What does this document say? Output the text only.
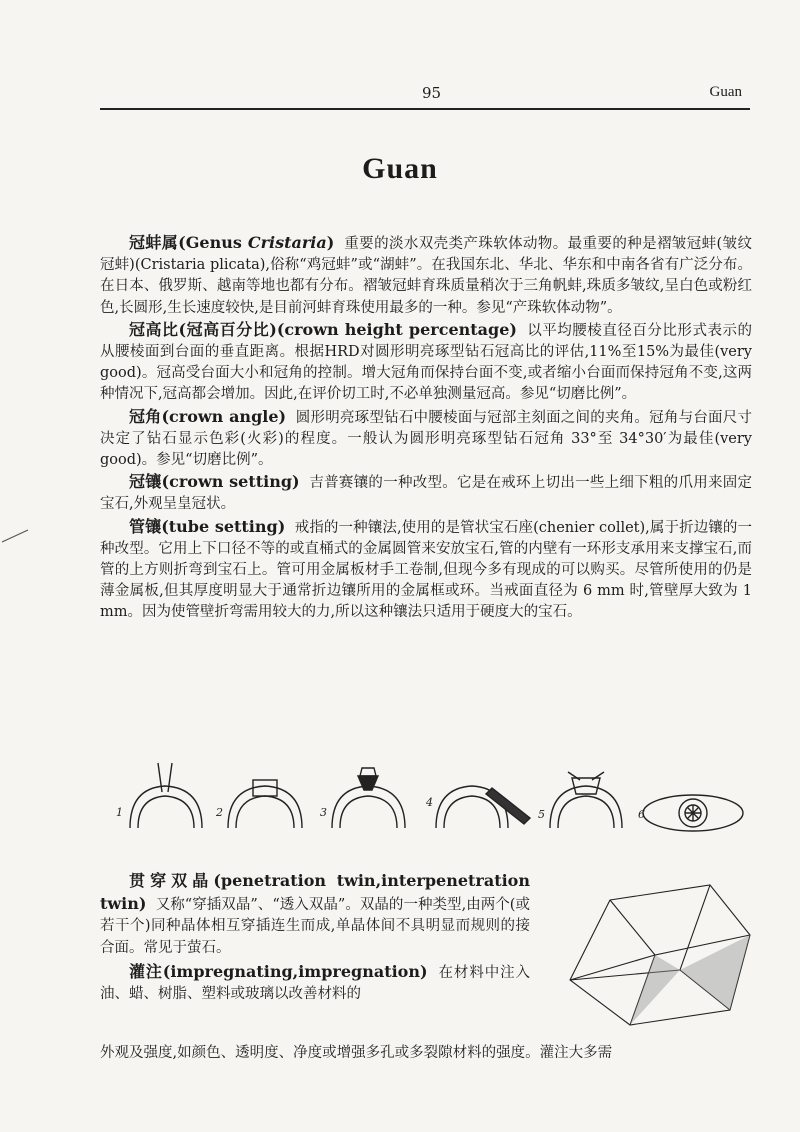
95	Guan
Guan

冠蚌属(Genus Cristaria) 重要的淡水双壳类产珠软体动物。最重要的种是褶皱冠蚌(皱纹冠蚌)(Cristaria plicata),俗称“鸡冠蚌”或“湖蚌”。在我国东北、华北、华东和中南各省有广泛分布。在日本、俄罗斯、越南等地也都有分布。褶皱冠蚌育珠质量稍次于三角帆蚌,珠质多皱纹,呈白色或粉红色,长圆形,生长速度较快,是目前河蚌育珠使用最多的一种。参见“产珠软体动物”。

冠高比(冠高百分比)(crown height percentage) 以平均腰棱直径百分比形式表示的从腰棱面到台面的垂直距离。根据HRD对圆形明亮琢型钻石冠高比的评估,11%至15%为最佳(very good)。冠高受台面大小和冠角的控制。增大冠角而保持台面不变,或者缩小台面而保持冠角不变,这两种情况下,冠高都会增加。因此,在评价切工时,不必单独测量冠高。参见“切磨比例”。

冠角(crown angle) 圆形明亮琢型钻石中腰棱面与冠部主刻面之间的夹角。冠角与台面尺寸决定了钻石显示色彩(火彩)的程度。一般认为圆形明亮琢型钻石冠角 33°至 34°30′为最佳(very good)。参见“切磨比例”。

冠镶(crown setting) 吉普赛镶的一种改型。它是在戒环上切出一些上细下粗的爪用来固定宝石,外观呈皇冠状。

管镶(tube setting) 戒指的一种镶法,使用的是管状宝石座(chenier collet),属于折边镶的一种改型。它用上下口径不等的或直桶式的金属圆管来安放宝石,管的内壁有一环形支承用来支撑宝石,而管的上方则折弯到宝石上。管可用金属板材手工卷制,但现今多有现成的可以购买。尽管所使用的仍是薄金属板,但其厚度明显大于通常折边镶所用的金属框或环。当戒面直径为 6 mm 时,管壁厚大致为 1 mm。因为使管壁折弯需用较大的力,所以这种镶法只适用于硬度大的宝石。

1	2	3
4
5	6

贯穿双晶(penetration twin,interpenetration twin) 又称“穿插双晶”、“透入双晶”。双晶的一种类型,由两个(或若干个)同种晶体相互穿插连生而成,单晶体间不具明显而规则的接合面。常见于萤石。

灌注(impregnating,impregnation) 在材料中注入油、蜡、树脂、塑料或玻璃以改善材料的

外观及强度,如颜色、透明度、净度或增强多孔或多裂隙材料的强度。灌注大多需
